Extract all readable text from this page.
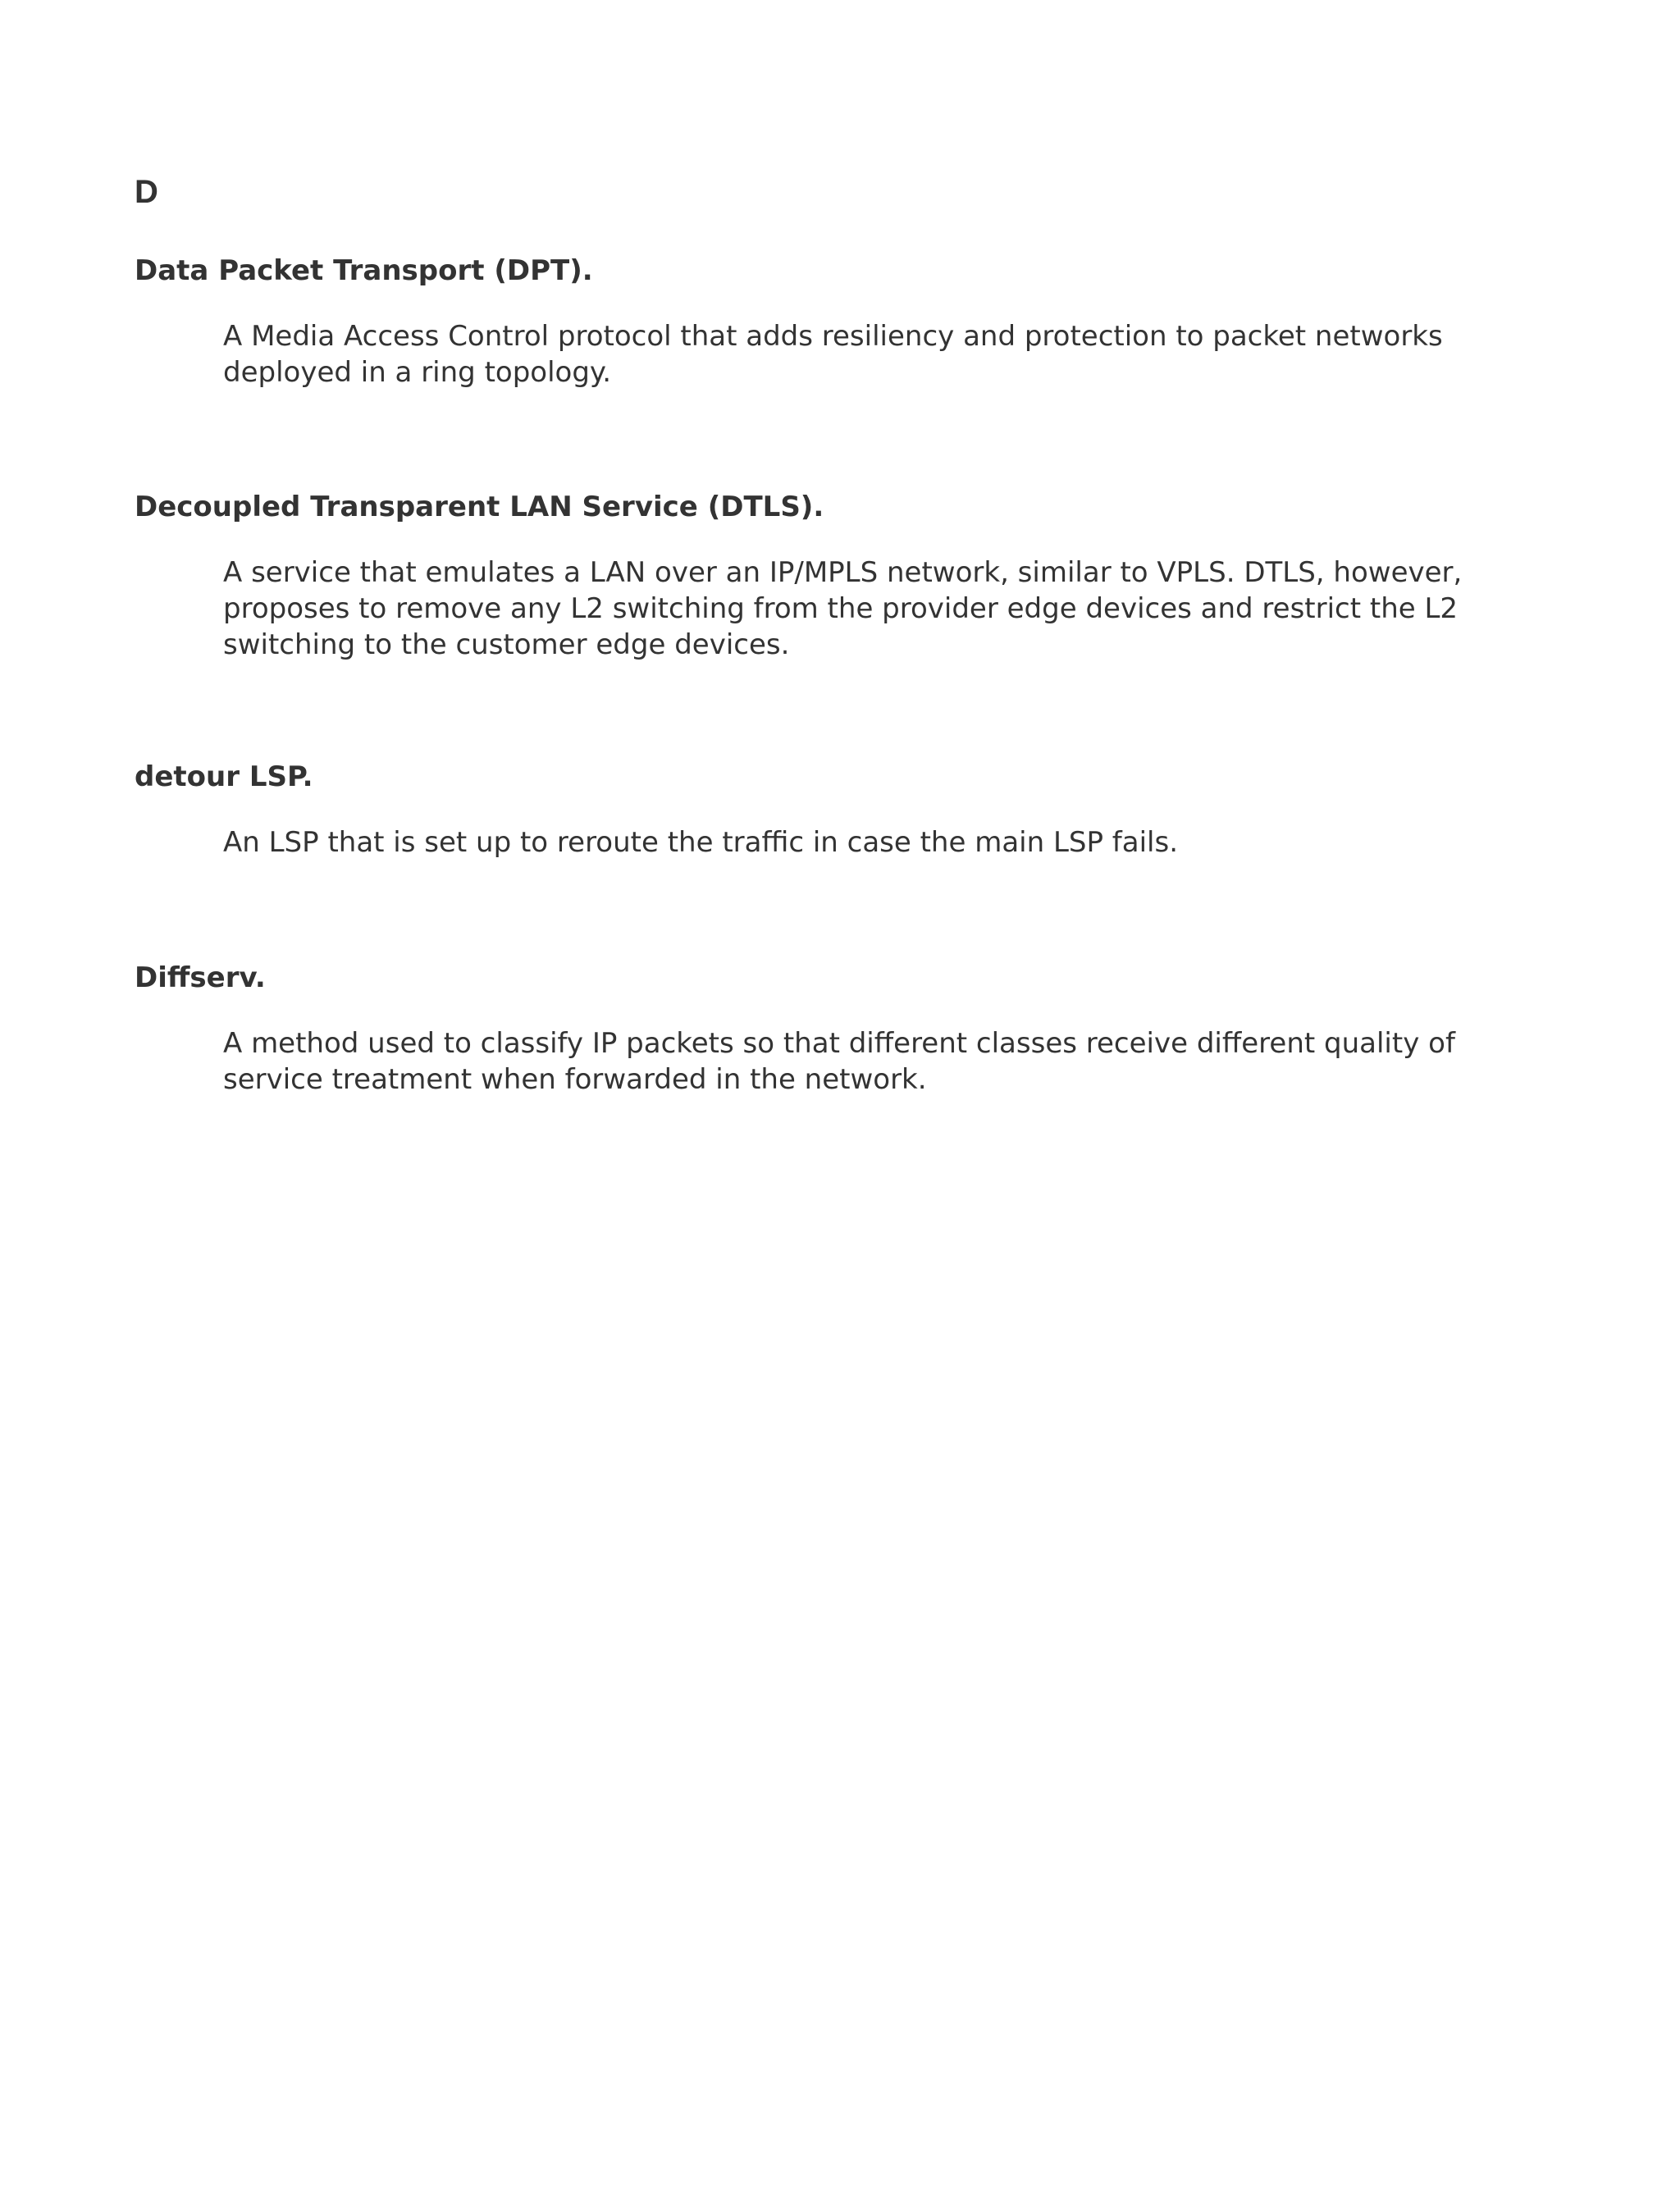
D

Data Packet Transport (DPT).

A Media Access Control protocol that adds resiliency and protection to packet networks deployed in a ring topology.

Decoupled Transparent LAN Service (DTLS).

A service that emulates a LAN over an IP/MPLS network, similar to VPLS. DTLS, however, proposes to remove any L2 switching from the provider edge devices and restrict the L2 switching to the customer edge devices.

detour LSP.

An LSP that is set up to reroute the traffic in case the main LSP fails.

Diffserv.

A method used to classify IP packets so that different classes receive different quality of service treatment when forwarded in the network.
